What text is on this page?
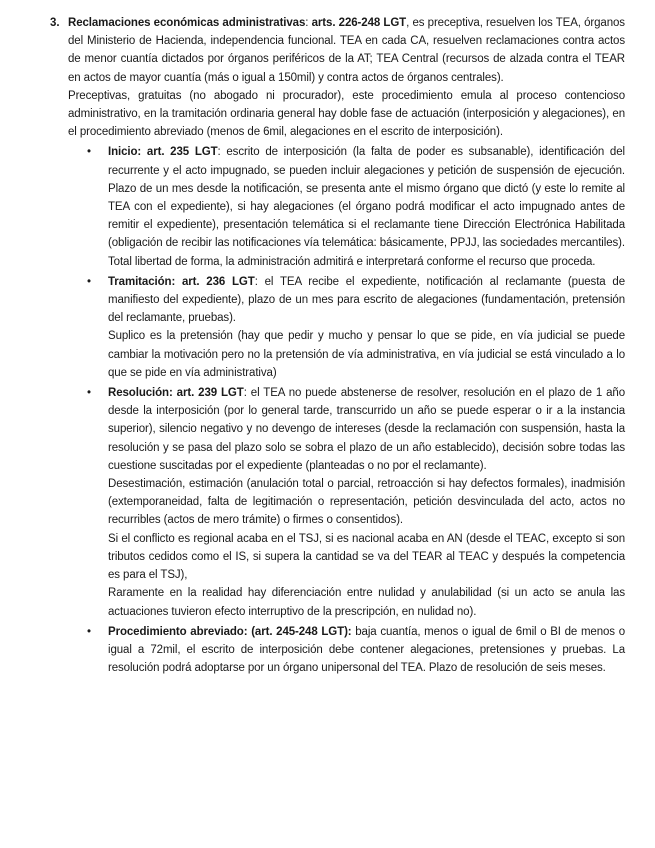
3. Reclamaciones económicas administrativas: arts. 226-248 LGT, es preceptiva, resuelven los TEA, órganos del Ministerio de Hacienda, independencia funcional. TEA en cada CA, resuelven reclamaciones contra actos de menor cuantía dictados por órganos periféricos de la AT; TEA Central (recursos de alzada contra el TEAR en actos de mayor cuantía (más o igual a 150mil) y contra actos de órganos centrales).

Preceptivas, gratuitas (no abogado ni procurador), este procedimiento emula al proceso contencioso administrativo, en la tramitación ordinaria general hay doble fase de actuación (interposición y alegaciones), en el procedimiento abreviado (menos de 6mil, alegaciones en el escrito de interposición).

• Inicio: art. 235 LGT: escrito de interposición (la falta de poder es subsanable), identificación del recurrente y el acto impugnado, se pueden incluir alegaciones y petición de suspensión de ejecución. Plazo de un mes desde la notificación, se presenta ante el mismo órgano que dictó (y este lo remite al TEA con el expediente), si hay alegaciones (el órgano podrá modificar el acto impugnado antes de remitir el expediente), presentación telemática si el reclamante tiene Dirección Electrónica Habilitada (obligación de recibir las notificaciones vía telemática: básicamente, PPJJ, las sociedades mercantiles). Total libertad de forma, la administración admitirá e interpretará conforme el recurso que proceda.

• Tramitación: art. 236 LGT: el TEA recibe el expediente, notificación al reclamante (puesta de manifiesto del expediente), plazo de un mes para escrito de alegaciones (fundamentación, pretensión del reclamante, pruebas).

Suplico es la pretensión (hay que pedir y mucho y pensar lo que se pide, en vía judicial se puede cambiar la motivación pero no la pretensión de vía administrativa, en vía judicial se está vinculado a lo que se pide en vía administrativa)

• Resolución: art. 239 LGT: el TEA no puede abstenerse de resolver, resolución en el plazo de 1 año desde la interposición (por lo general tarde, transcurrido un año se puede esperar o ir a la instancia superior), silencio negativo y no devengo de intereses (desde la reclamación con suspensión, hasta la resolución y se pasa del plazo solo se sobra el plazo de un año establecido), decisión sobre todas las cuestione suscitadas por el expediente (planteadas o no por el reclamante).

Desestimación, estimación (anulación total o parcial, retroacción si hay defectos formales), inadmisión (extemporaneidad, falta de legitimación o representación, petición desvinculada del acto, actos no recurribles (actos de mero trámite) o firmes o consentidos).

Si el conflicto es regional acaba en el TSJ, si es nacional acaba en AN (desde el TEAC, excepto si son tributos cedidos como el IS, si supera la cantidad se va del TEAR al TEAC y después la competencia es para el TSJ),

Raramente en la realidad hay diferenciación entre nulidad y anulabilidad (si un acto se anula las actuaciones tuvieron efecto interruptivo de la prescripción, en nulidad no).

• Procedimiento abreviado: (art. 245-248 LGT): baja cuantía, menos o igual de 6mil o BI de menos o igual a 72mil, el escrito de interposición debe contener alegaciones, pretensiones y pruebas. La resolución podrá adoptarse por un órgano unipersonal del TEA. Plazo de resolución de seis meses.
